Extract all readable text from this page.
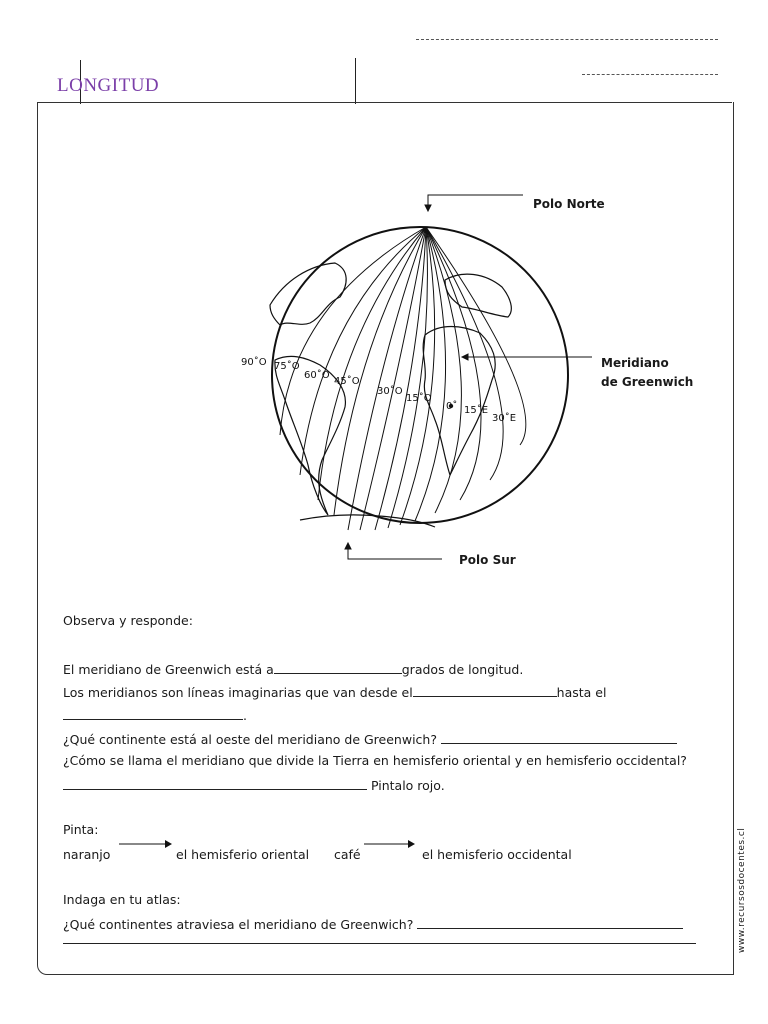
LONGITUD
90˚O 75˚O
60˚O
45˚O
30˚O
15˚O
0˚ 15˚E
30˚E
Polo Norte
Meridiano
de Greenwich
Polo Sur
Observa y responde:
El meridiano de Greenwich está a	grados de longitud.
Los meridianos son líneas imaginarias que van desde el	hasta el
.
¿Qué continente está al oeste del meridiano de Greenwich?
¿Cómo se llama el meridiano que divide la Tierra en hemisferio oriental y en hemisferio occidental?
Pintalo rojo.
Pinta:
naranjo	el hemisferio oriental café	el hemisferio occidental
Indaga en tu atlas:
¿Qué continentes atraviesa el meridiano de Greenwich?	www.recursosdocentes.cl
